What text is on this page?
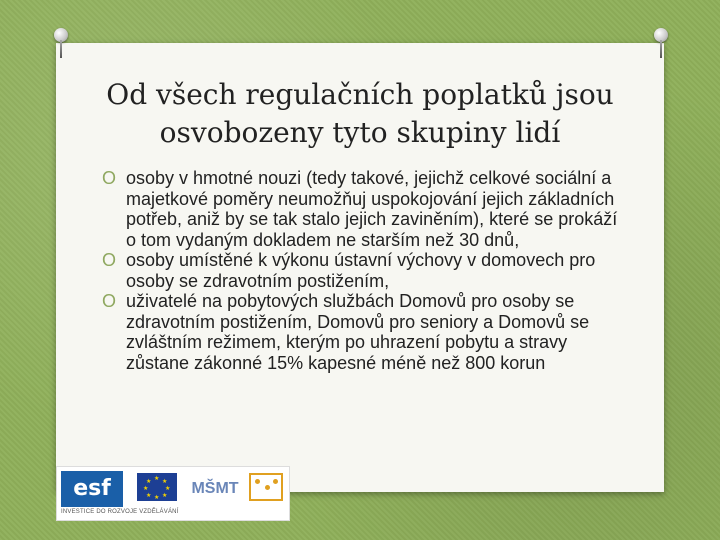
Od všech regulačních poplatků jsou
osvobozeny tyto skupiny lidí
O osoby v hmotné nouzi (tedy takové, jejichž celkové sociální a majetkové poměry neumožňuj uspokojování jejich základních potřeb, aniž by se tak stalo jejich zaviněním), které se prokáží o tom vydaným dokladem ne starším než 30 dnů,
O osoby umístěné k výkonu ústavní výchovy v domovech pro osoby se zdravotním postižením,
O uživatelé na pobytových službách Domovů pro osoby se zdravotním postižením, Domovů pro seniory a Domovů se zvláštním režimem, kterým po uhrazení pobytu a stravy zůstane zákonné 15% kapesné méně než 800 korun
esf	★ ★
★
★
★
★
★
★	MŠMT
INVESTICE DO ROZVOJE VZDĚLÁVÁNÍ
